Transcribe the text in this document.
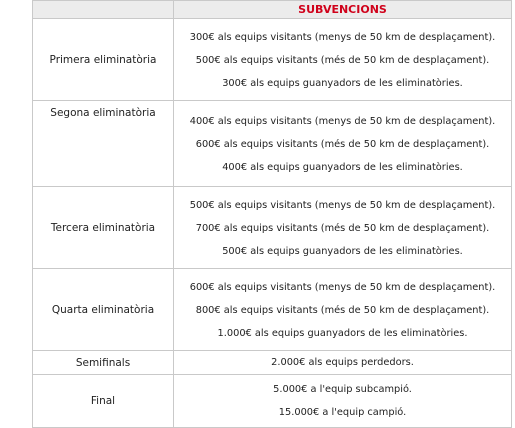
	SUBVENCIONS
Primera eliminatòria	300€ als equips visitants (menys de 50 km de desplaçament).
500€ als equips visitants (més de 50 km de desplaçament).
300€ als equips guanyadors de les eliminatòries.

Segona eliminatòria	400€ als equips visitants (menys de 50 km de desplaçament).
600€ als equips visitants (més de 50 km de desplaçament).
400€ als equips guanyadors de les eliminatòries.

Tercera eliminatòria	500€ als equips visitants (menys de 50 km de desplaçament).
700€ als equips visitants (més de 50 km de desplaçament).
500€ als equips guanyadors de les eliminatòries.

Quarta eliminatòria	600€ als equips visitants (menys de 50 km de desplaçament).
800€ als equips visitants (més de 50 km de desplaçament).
1.000€ als equips guanyadors de les eliminatòries.

Semifinals	2.000€ als equips perdedors.

Final	5.000€ a l'equip subcampió.
15.000€ a l'equip campió.
